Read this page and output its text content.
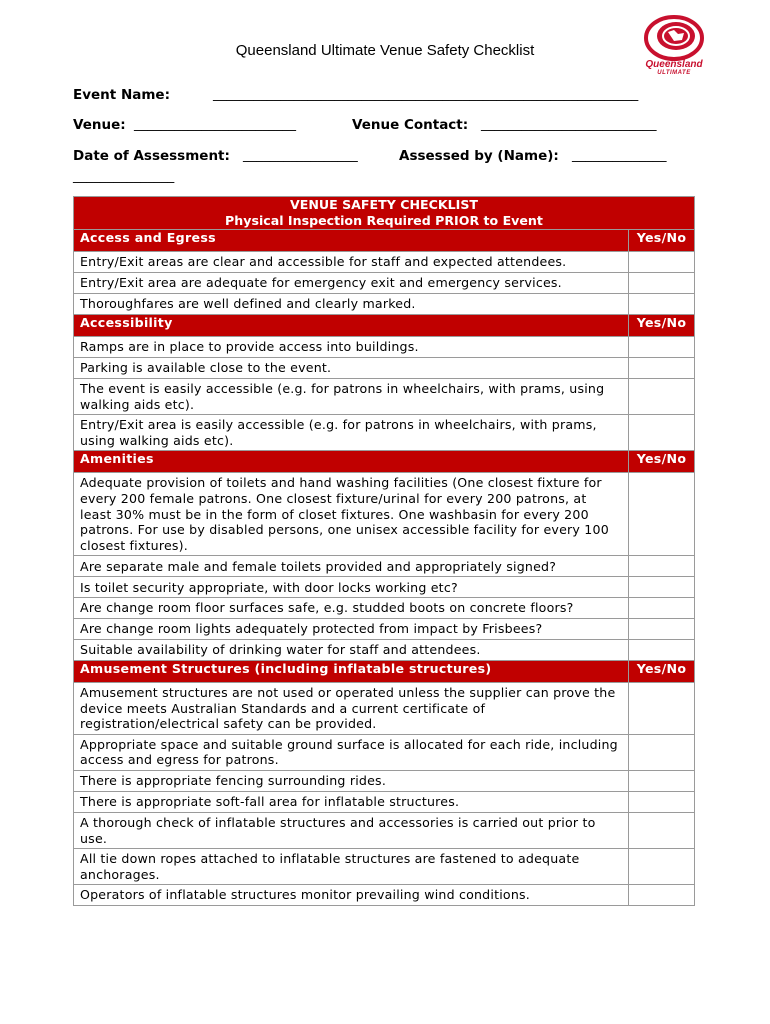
Queensland Ultimate Venue Safety Checklist
Queensland
ULTIMATE
Event Name:	_______________________________________________________________
Venue: ________________________	Venue Contact: __________________________
Date of Assessment: _________________	Assessed by (Name): ______________
_______________
VENUE SAFETY CHECKLIST
Physical Inspection Required PRIOR to Event	

Access and Egress	Yes/No
Entry/Exit areas are clear and accessible for staff and expected attendees.	
Entry/Exit area are adequate for emergency exit and emergency services.	
Thoroughfares are well defined and clearly marked.	
Accessibility	Yes/No
Ramps are in place to provide access into buildings.	
Parking is available close to the event.	
The event is easily accessible (e.g. for patrons in wheelchairs, with prams, using walking aids etc).	
Entry/Exit area is easily accessible (e.g. for patrons in wheelchairs, with prams, using walking aids etc).	
Amenities	Yes/No
Adequate provision of toilets and hand washing facilities (One closest fixture for every 200 female patrons. One closest fixture/urinal for every 200 patrons, at least 30% must be in the form of closet fixtures. One washbasin for every 200 patrons. For use by disabled persons, one unisex accessible facility for every 100 closest fixtures).	
Are separate male and female toilets provided and appropriately signed?	
Is toilet security appropriate, with door locks working etc?	
Are change room floor surfaces safe, e.g. studded boots on concrete floors?	
Are change room lights adequately protected from impact by Frisbees?	
Suitable availability of drinking water for staff and attendees.	
Amusement Structures (including inflatable structures)	Yes/No
Amusement structures are not used or operated unless the supplier can prove the device meets Australian Standards and a current certificate of registration/electrical safety can be provided.	
Appropriate space and suitable ground surface is allocated for each ride, including access and egress for patrons.	
There is appropriate fencing surrounding rides.	
There is appropriate soft-fall area for inflatable structures.	
A thorough check of inflatable structures and accessories is carried out prior to use.	
All tie down ropes attached to inflatable structures are fastened to adequate anchorages.	
Operators of inflatable structures monitor prevailing wind conditions.	
